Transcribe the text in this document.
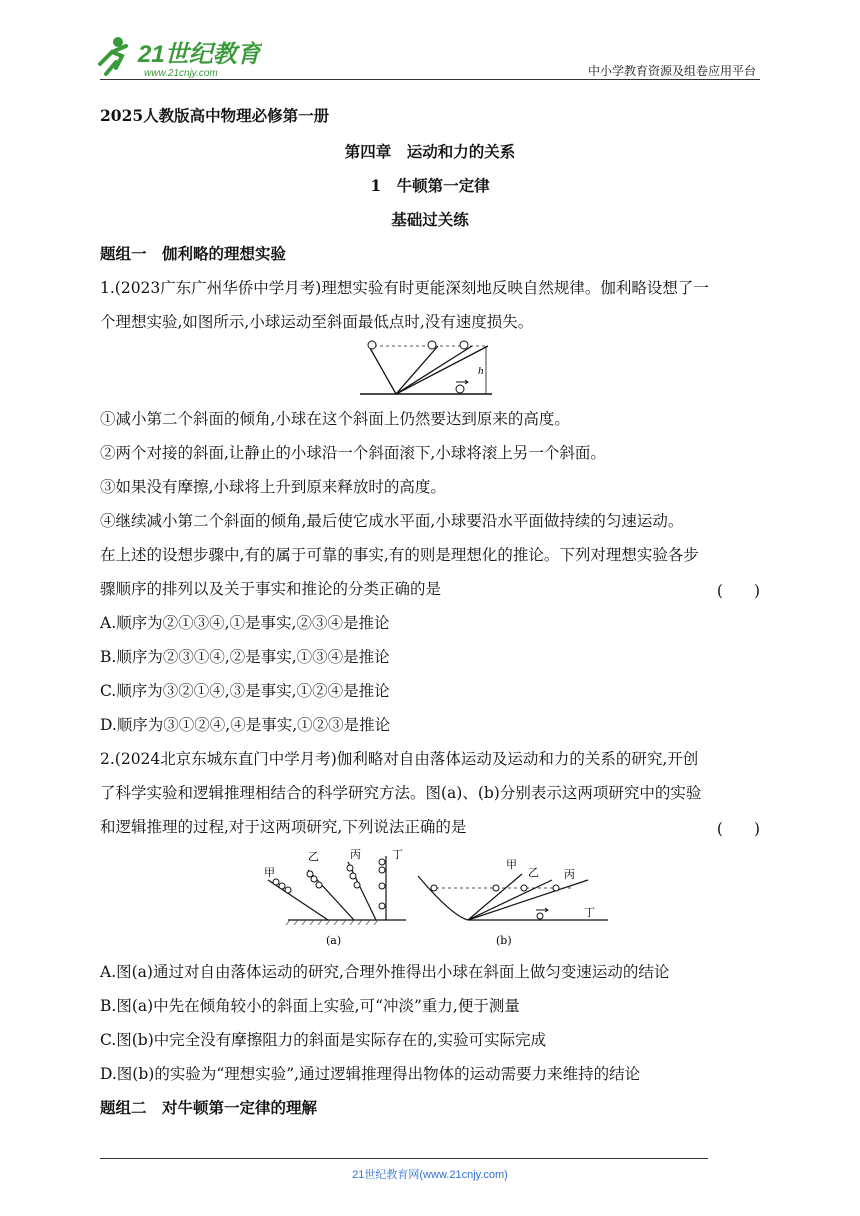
21世纪教育
www.21cnjy.com	中小学教育资源及组卷应用平台
2025人教版高中物理必修第一册
第四章　运动和力的关系
1　牛顿第一定律
基础过关练
题组一　伽利略的理想实验
1.(2023广东广州华侨中学月考)理想实验有时更能深刻地反映自然规律。伽利略设想了一
个理想实验,如图所示,小球运动至斜面最低点时,没有速度损失。
h
①减小第二个斜面的倾角,小球在这个斜面上仍然要达到原来的高度。
②两个对接的斜面,让静止的小球沿一个斜面滚下,小球将滚上另一个斜面。
③如果没有摩擦,小球将上升到原来释放时的高度。
④继续减小第二个斜面的倾角,最后使它成水平面,小球要沿水平面做持续的匀速运动。
在上述的设想步骤中,有的属于可靠的事实,有的则是理想化的推论。下列对理想实验各步
骤顺序的排列以及关于事实和推论的分类正确的是	(　　)
A.顺序为②①③④,①是事实,②③④是推论
B.顺序为②③①④,②是事实,①③④是推论
C.顺序为③②①④,③是事实,①②④是推论
D.顺序为③①②④,④是事实,①②③是推论
2.(2024北京东城东直门中学月考)伽利略对自由落体运动及运动和力的关系的研究,开创
了科学实验和逻辑推理相结合的科学研究方法。图(a)、(b)分别表示这两项研究中的实验
和逻辑推理的过程,对于这两项研究,下列说法正确的是	(　　)
甲
乙	丙	丁
(a)
甲
乙 丙
丁
(b)
A.图(a)通过对自由落体运动的研究,合理外推得出小球在斜面上做匀变速运动的结论
B.图(a)中先在倾角较小的斜面上实验,可“冲淡”重力,便于测量
C.图(b)中完全没有摩擦阻力的斜面是实际存在的,实验可实际完成
D.图(b)的实验为“理想实验”,通过逻辑推理得出物体的运动需要力来维持的结论
题组二　对牛顿第一定律的理解
21世纪教育网(www.21cnjy.com)
